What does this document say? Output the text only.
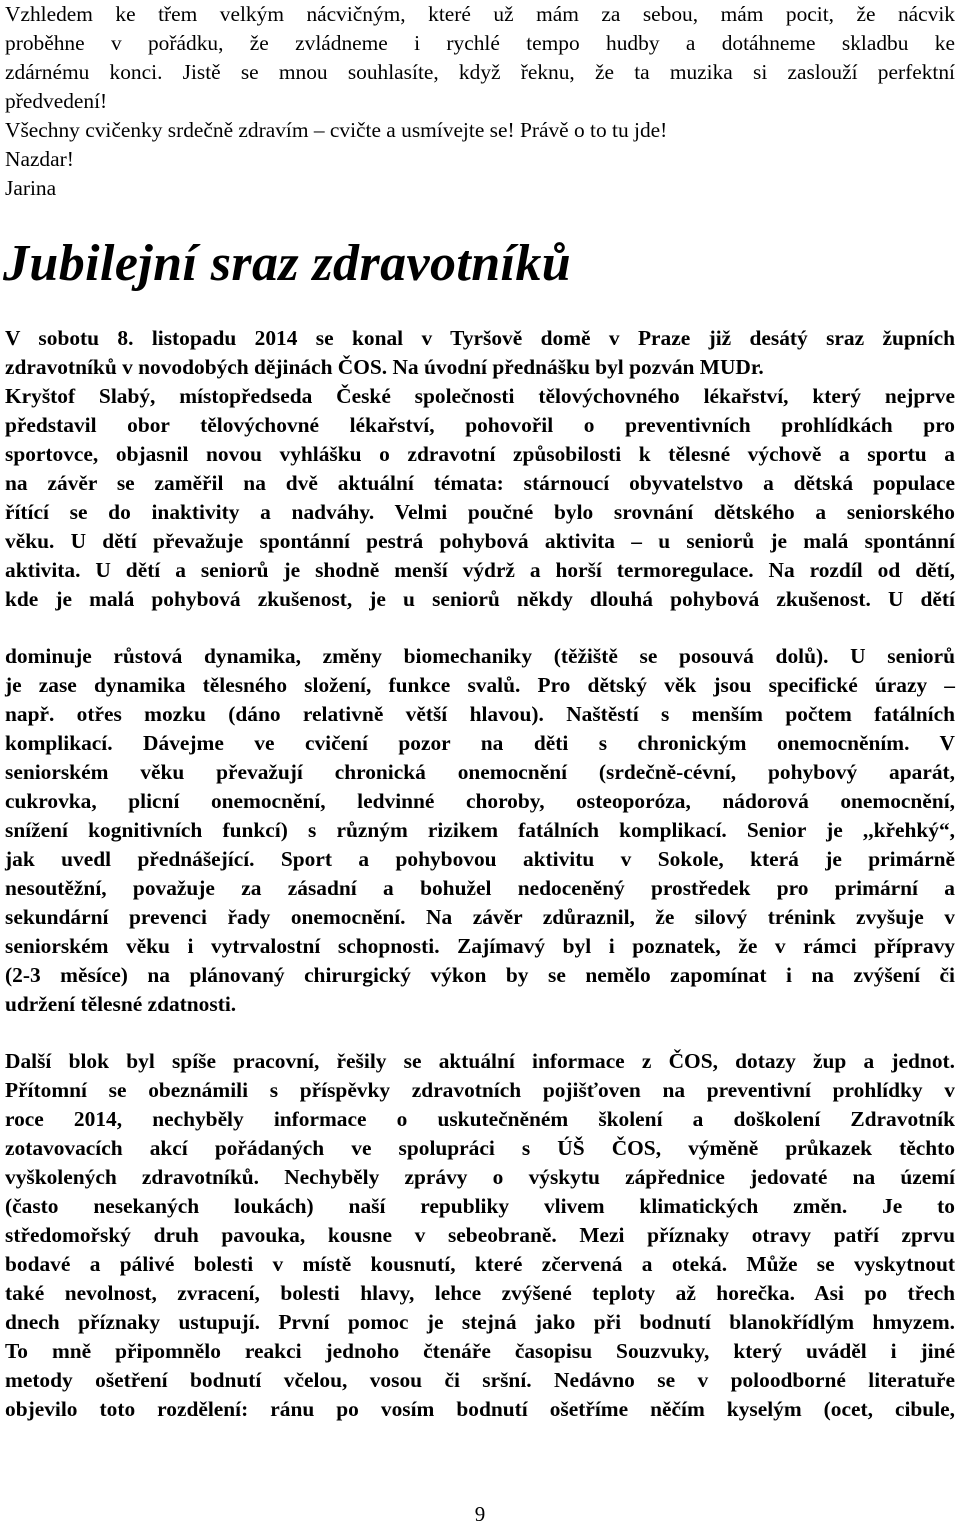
Vzhledem ke třem velkým nácvičným, které už mám za sebou, mám pocit, že nácvik
proběhne v pořádku, že zvládneme i rychlé tempo hudby a dotáhneme skladbu ke
zdárnému konci. Jistě se mnou souhlasíte, když řeknu, že ta muzika si zaslouží perfektní
předvedení!
Všechny cvičenky srdečně zdravím – cvičte a usmívejte se! Právě o to tu jde!
Nazdar!
Jarina
Jubilejní sraz zdravotníků
V sobotu 8. listopadu 2014 se konal v Tyršově domě v Praze již desátý sraz župních
zdravotníků v novodobých dějinách ČOS. Na úvodní přednášku byl pozván MUDr.
Kryštof Slabý, místopředseda České společnosti tělovýchovného lékařství, který nejprve
představil obor tělovýchovné lékařství, pohovořil o preventivních prohlídkách pro
sportovce, objasnil novou vyhlášku o zdravotní způsobilosti k tělesné výchově a sportu a
na závěr se zaměřil na dvě aktuální témata: stárnoucí obyvatelstvo a dětská populace
řítící se do inaktivity a nadváhy. Velmi poučné bylo srovnání dětského a seniorského
věku. U dětí převažuje spontánní pestrá pohybová aktivita – u seniorů je malá spontánní
aktivita. U dětí a seniorů je shodně menší výdrž a horší termoregulace. Na rozdíl od dětí,
kde je malá pohybová zkušenost, je u seniorů někdy dlouhá pohybová zkušenost. U dětí
dominuje růstová dynamika, změny biomechaniky (těžiště se posouvá dolů). U seniorů
je zase dynamika tělesného složení, funkce svalů. Pro dětský věk jsou specifické úrazy –
např. otřes mozku (dáno relativně větší hlavou). Naštěstí s menším počtem fatálních
komplikací. Dávejme ve cvičení pozor na děti s chronickým onemocněním. V
seniorském věku převažují chronická onemocnění (srdečně-cévní, pohybový aparát,
cukrovka, plicní onemocnění, ledvinné choroby, osteoporóza, nádorová onemocnění,
snížení kognitivních funkcí) s různým rizikem fatálních komplikací. Senior je ,,křehký“,
jak uvedl přednášející. Sport a pohybovou aktivitu v Sokole, která je primárně
nesoutěžní, považuje za zásadní a bohužel nedoceněný prostředek pro primární a
sekundární prevenci řady onemocnění. Na závěr zdůraznil, že silový trénink zvyšuje v
seniorském věku i vytrvalostní schopnosti. Zajímavý byl i poznatek, že v rámci přípravy
(2-3 měsíce) na plánovaný chirurgický výkon by se nemělo zapomínat i na zvýšení či
udržení tělesné zdatnosti.
Další blok byl spíše pracovní, řešily se aktuální informace z ČOS, dotazy žup a jednot.
Přítomní se obeznámili s příspěvky zdravotních pojišťoven na preventivní prohlídky v
roce 2014, nechyběly informace o uskutečněném školení a doškolení Zdravotník
zotavovacích akcí pořádaných ve spolupráci s ÚŠ ČOS, výměně průkazek těchto
vyškolených zdravotníků. Nechyběly zprávy o výskytu zápřednice jedovaté na území
(často nesekaných loukách) naší republiky vlivem klimatických změn. Je to
středomořský druh pavouka, kousne v sebeobraně. Mezi příznaky otravy patří zprvu
bodavé a pálivé bolesti v místě kousnutí, které zčervená a oteká. Může se vyskytnout
také nevolnost, zvracení, bolesti hlavy, lehce zvýšené teploty až horečka. Asi po třech
dnech příznaky ustupují. První pomoc je stejná jako při bodnutí blanokřídlým hmyzem.
To mně připomnělo reakci jednoho čtenáře časopisu Souzvuky, který uváděl i jiné
metody ošetření bodnutí včelou, vosou či sršní. Nedávno se v poloodborné literatuře
objevilo toto rozdělení: ránu po vosím bodnutí ošetříme něčím kyselým (ocet, cibule,
9
